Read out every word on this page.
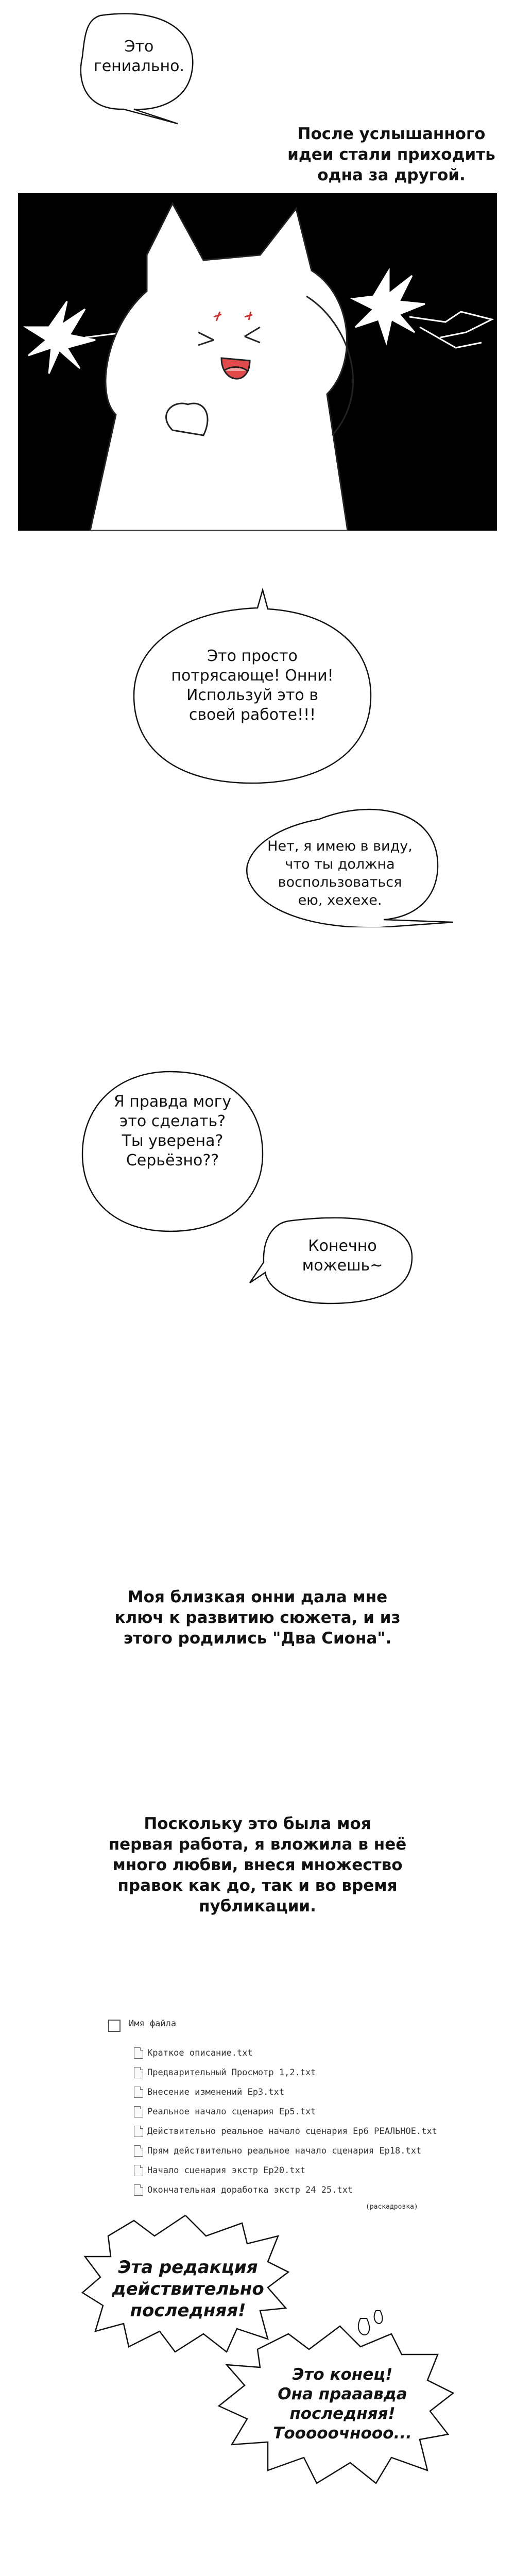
Это
гениально.
После услышанного
идеи стали приходить
одна за другой.
Это просто
потрясающе! Онни!
Используй это в
своей работе!!!
Нет, я имею в виду,
что ты должна
воспользоваться
ею, хехехе.
Я правда могу
это сделать?
Ты уверена?
Серьёзно??
Конечно
можешь~
Моя близкая онни дала мне
ключ к развитию сюжета, и из
этого родились "Два Сиона".
Поскольку это была моя
первая работа, я вложила в неё
много любви, внеся множество
правок как до, так и во время
публикации.
Имя файла
Краткое описание.txt
Предварительный Просмотр 1,2.txt
Внесение изменений Ep3.txt
Реальное начало сценария Ep5.txt
Действительно реальное начало сценария Ep6 РЕАЛЬНОЕ.txt
Прям действительно реальное начало сценария Ep18.txt
Начало сценария экстр Ep20.txt
Окончательная доработка экстр 24 25.txt
(раскадровка)
Эта редакция
действительно
последняя!
Это конец!
Она прааавда
последняя!
Тооооочнооо...
